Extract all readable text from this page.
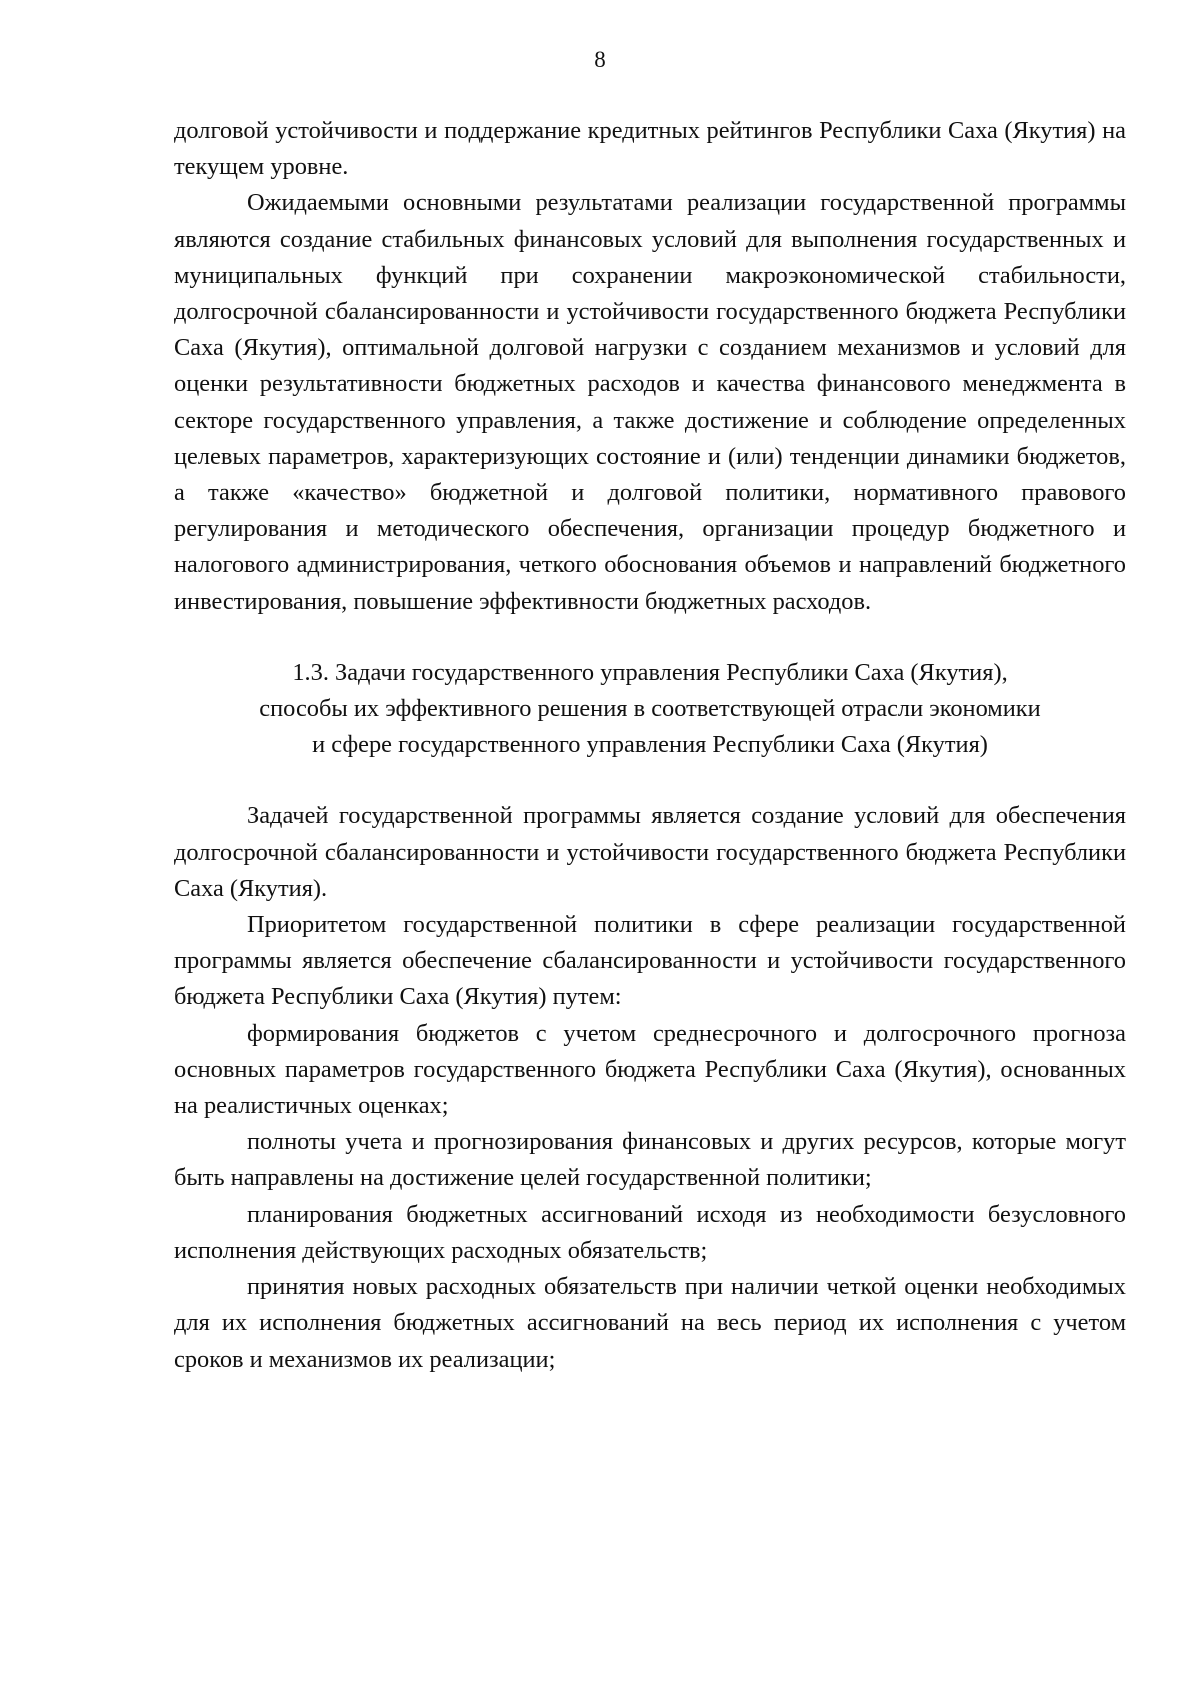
8

долговой устойчивости и поддержание кредитных рейтингов Республики Саха (Якутия) на текущем уровне.

Ожидаемыми основными результатами реализации государственной программы являются создание стабильных финансовых условий для выполнения государственных и муниципальных функций при сохранении макроэкономической стабильности, долгосрочной сбалансированности и устойчивости государственного бюджета Республики Саха (Якутия), оптимальной долговой нагрузки с созданием механизмов и условий для оценки результативности бюджетных расходов и качества финансового менеджмента в секторе государственного управления, а также достижение и соблюдение определенных целевых параметров, характеризующих состояние и (или) тенденции динамики бюджетов, а также «качество» бюджетной и долговой политики, нормативного правового регулирования и методического обеспечения, организации процедур бюджетного и налогового администрирования, четкого обоснования объемов и направлений бюджетного инвестирования, повышение эффективности бюджетных расходов.

1.3. Задачи государственного управления Республики Саха (Якутия),
способы их эффективного решения в соответствующей отрасли экономики
и сфере государственного управления Республики Саха (Якутия)

Задачей государственной программы является создание условий для обеспечения долгосрочной сбалансированности и устойчивости государственного бюджета Республики Саха (Якутия).

Приоритетом государственной политики в сфере реализации государственной программы является обеспечение сбалансированности и устойчивости государственного бюджета Республики Саха (Якутия) путем:

формирования бюджетов с учетом среднесрочного и долгосрочного прогноза основных параметров государственного бюджета Республики Саха (Якутия), основанных на реалистичных оценках;

полноты учета и прогнозирования финансовых и других ресурсов, которые могут быть направлены на достижение целей государственной политики;

планирования бюджетных ассигнований исходя из необходимости безусловного исполнения действующих расходных обязательств;

принятия новых расходных обязательств при наличии четкой оценки необходимых для их исполнения бюджетных ассигнований на весь период их исполнения с учетом сроков и механизмов их реализации;
